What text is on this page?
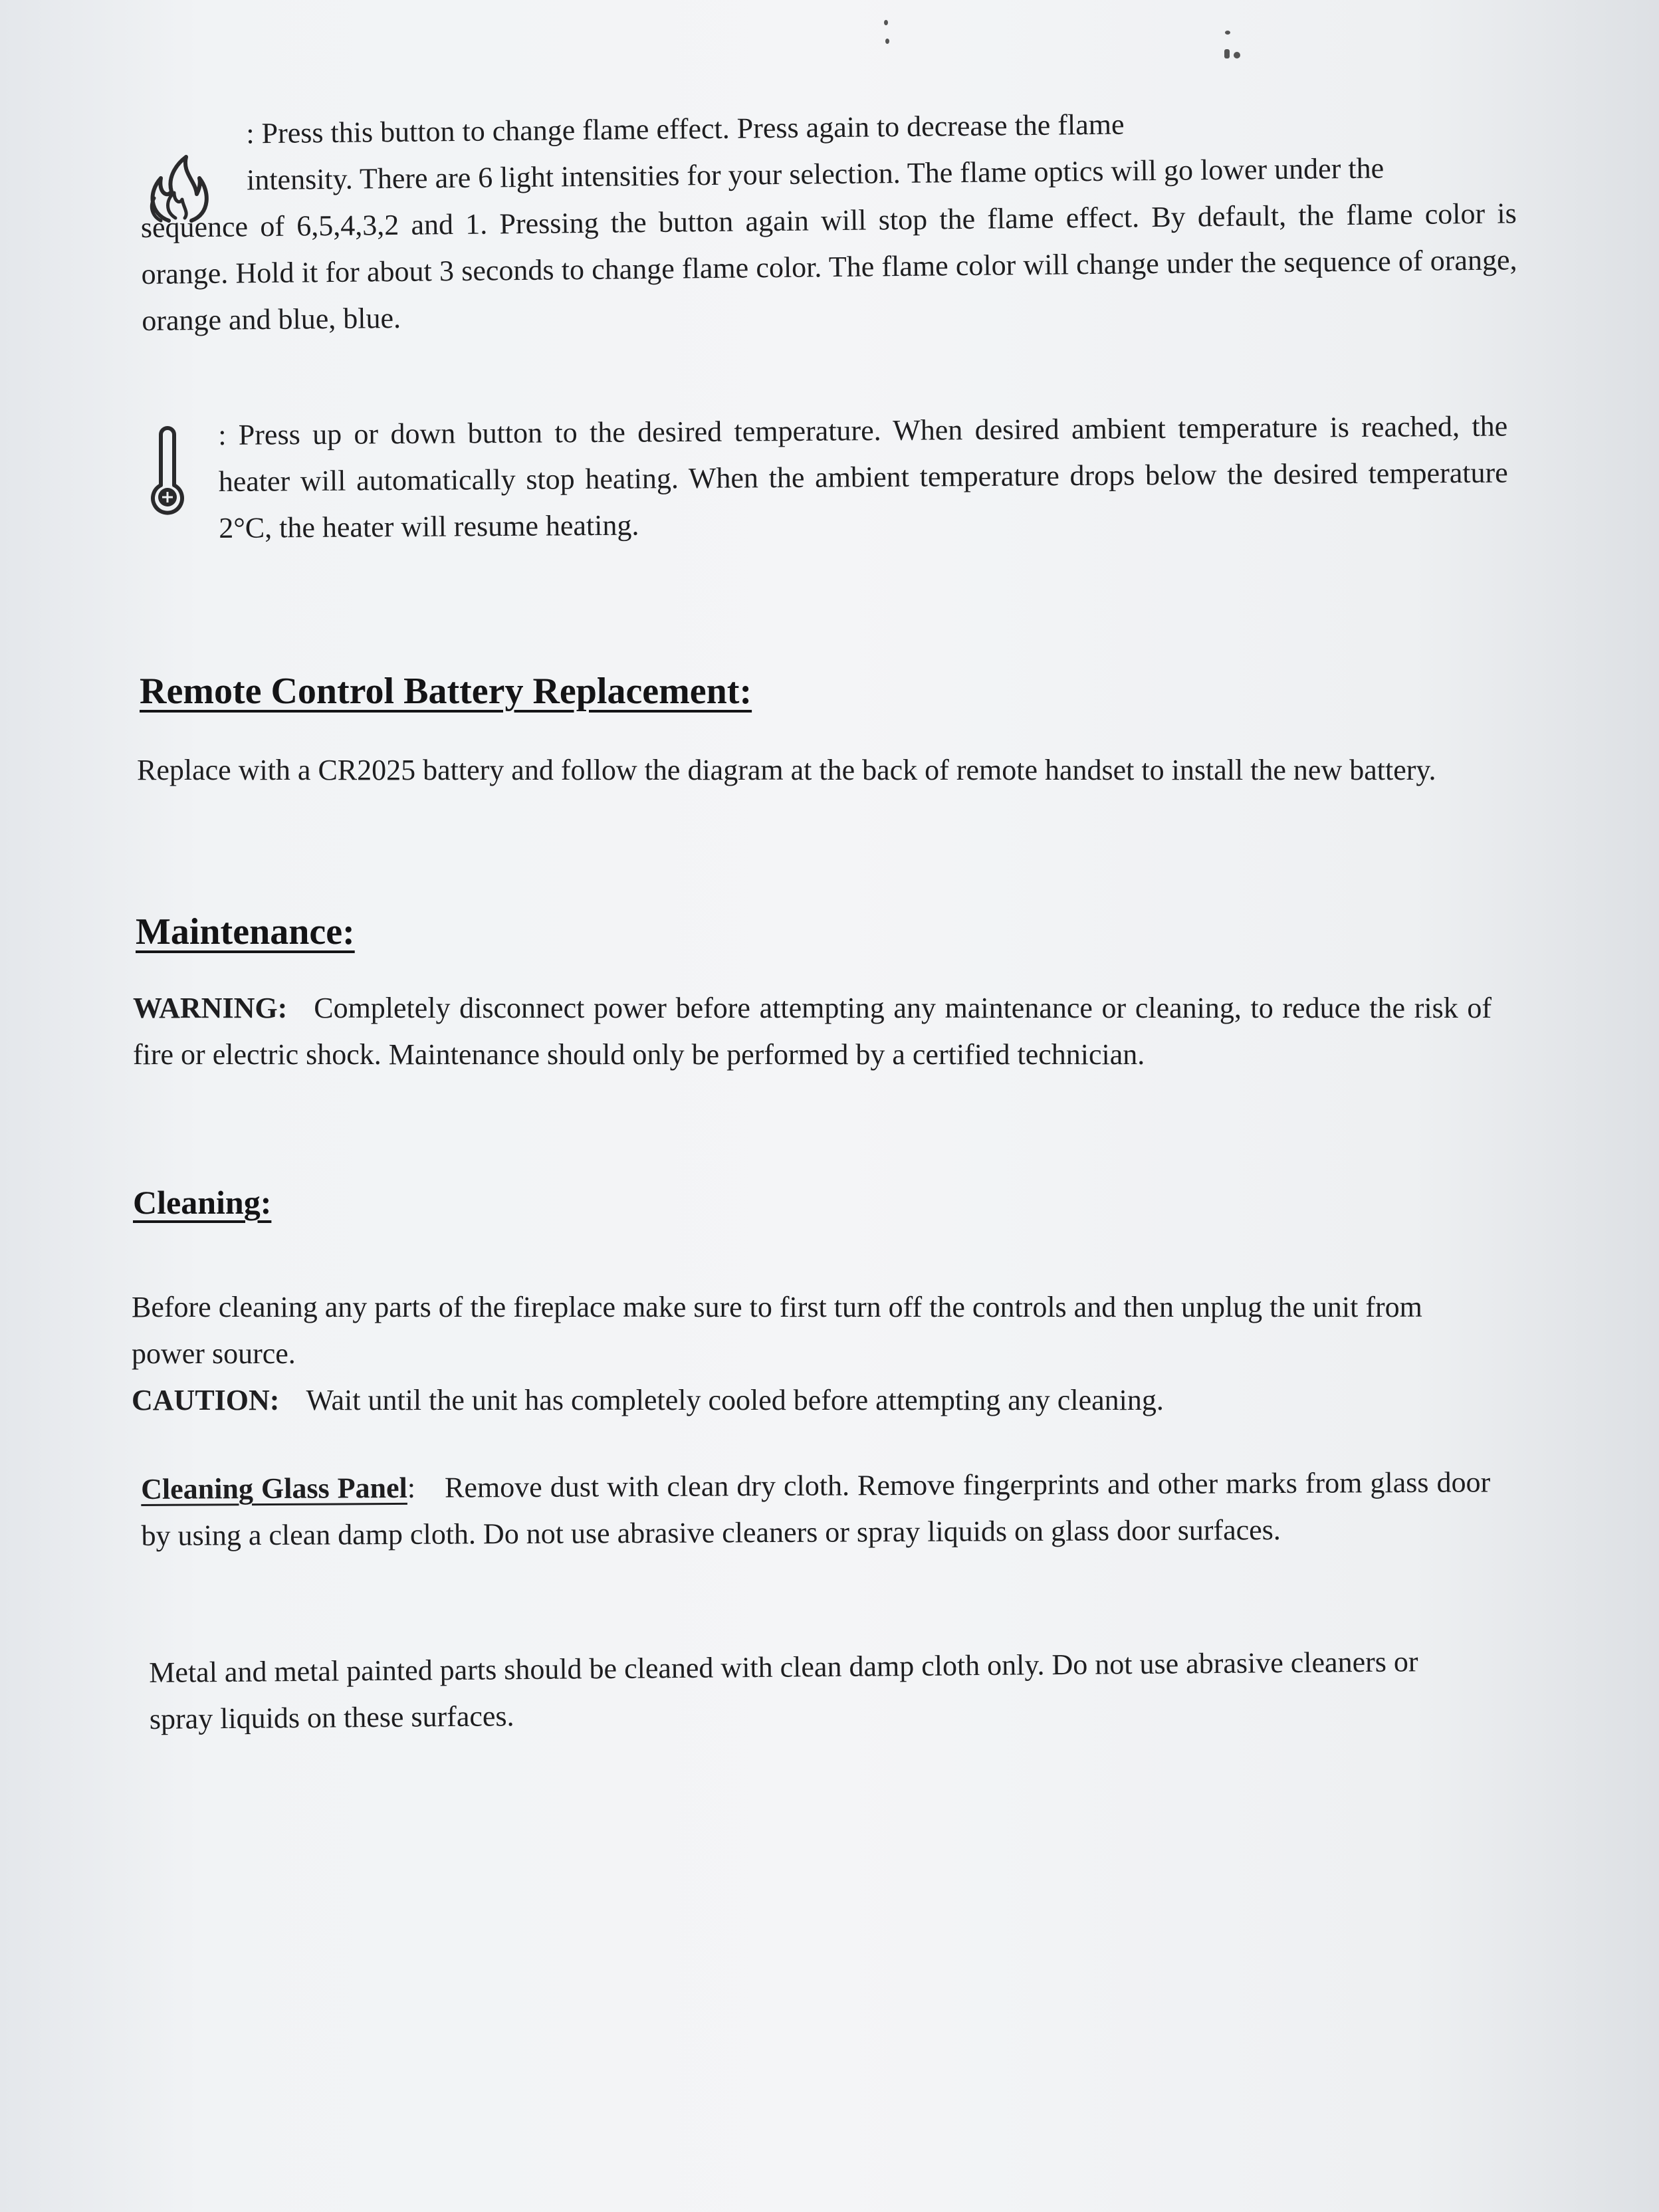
: Press this button to change flame effect. Press again to decrease the flame

intensity. There are 6 light intensities for your selection. The flame optics will go lower under the

sequence of 6,5,4,3,2 and 1. Pressing the button again will stop the flame effect. By default, the flame color is orange. Hold it for about 3 seconds to change flame color. The flame color will change under the sequence of orange, orange and blue, blue.

: Press up or down button to the desired temperature. When desired ambient temperature is reached, the heater will automatically stop heating. When the ambient temperature drops below the desired temperature 2°C, the heater will resume heating.

Remote Control Battery Replacement:

Replace with a CR2025 battery and follow the diagram at the back of remote handset to install the new battery.

Maintenance:

WARNING: Completely disconnect power before attempting any maintenance or cleaning, to reduce the risk of fire or electric shock. Maintenance should only be performed by a certified technician.

Cleaning:

Before cleaning any parts of the fireplace make sure to first turn off the controls and then unplug the unit from power source.

CAUTION: Wait until the unit has completely cooled before attempting any cleaning.

Cleaning Glass Panel: Remove dust with clean dry cloth. Remove fingerprints and other marks from glass door by using a clean damp cloth. Do not use abrasive cleaners or spray liquids on glass door surfaces.

Metal and metal painted parts should be cleaned with clean damp cloth only. Do not use abrasive cleaners or spray liquids on these surfaces.
